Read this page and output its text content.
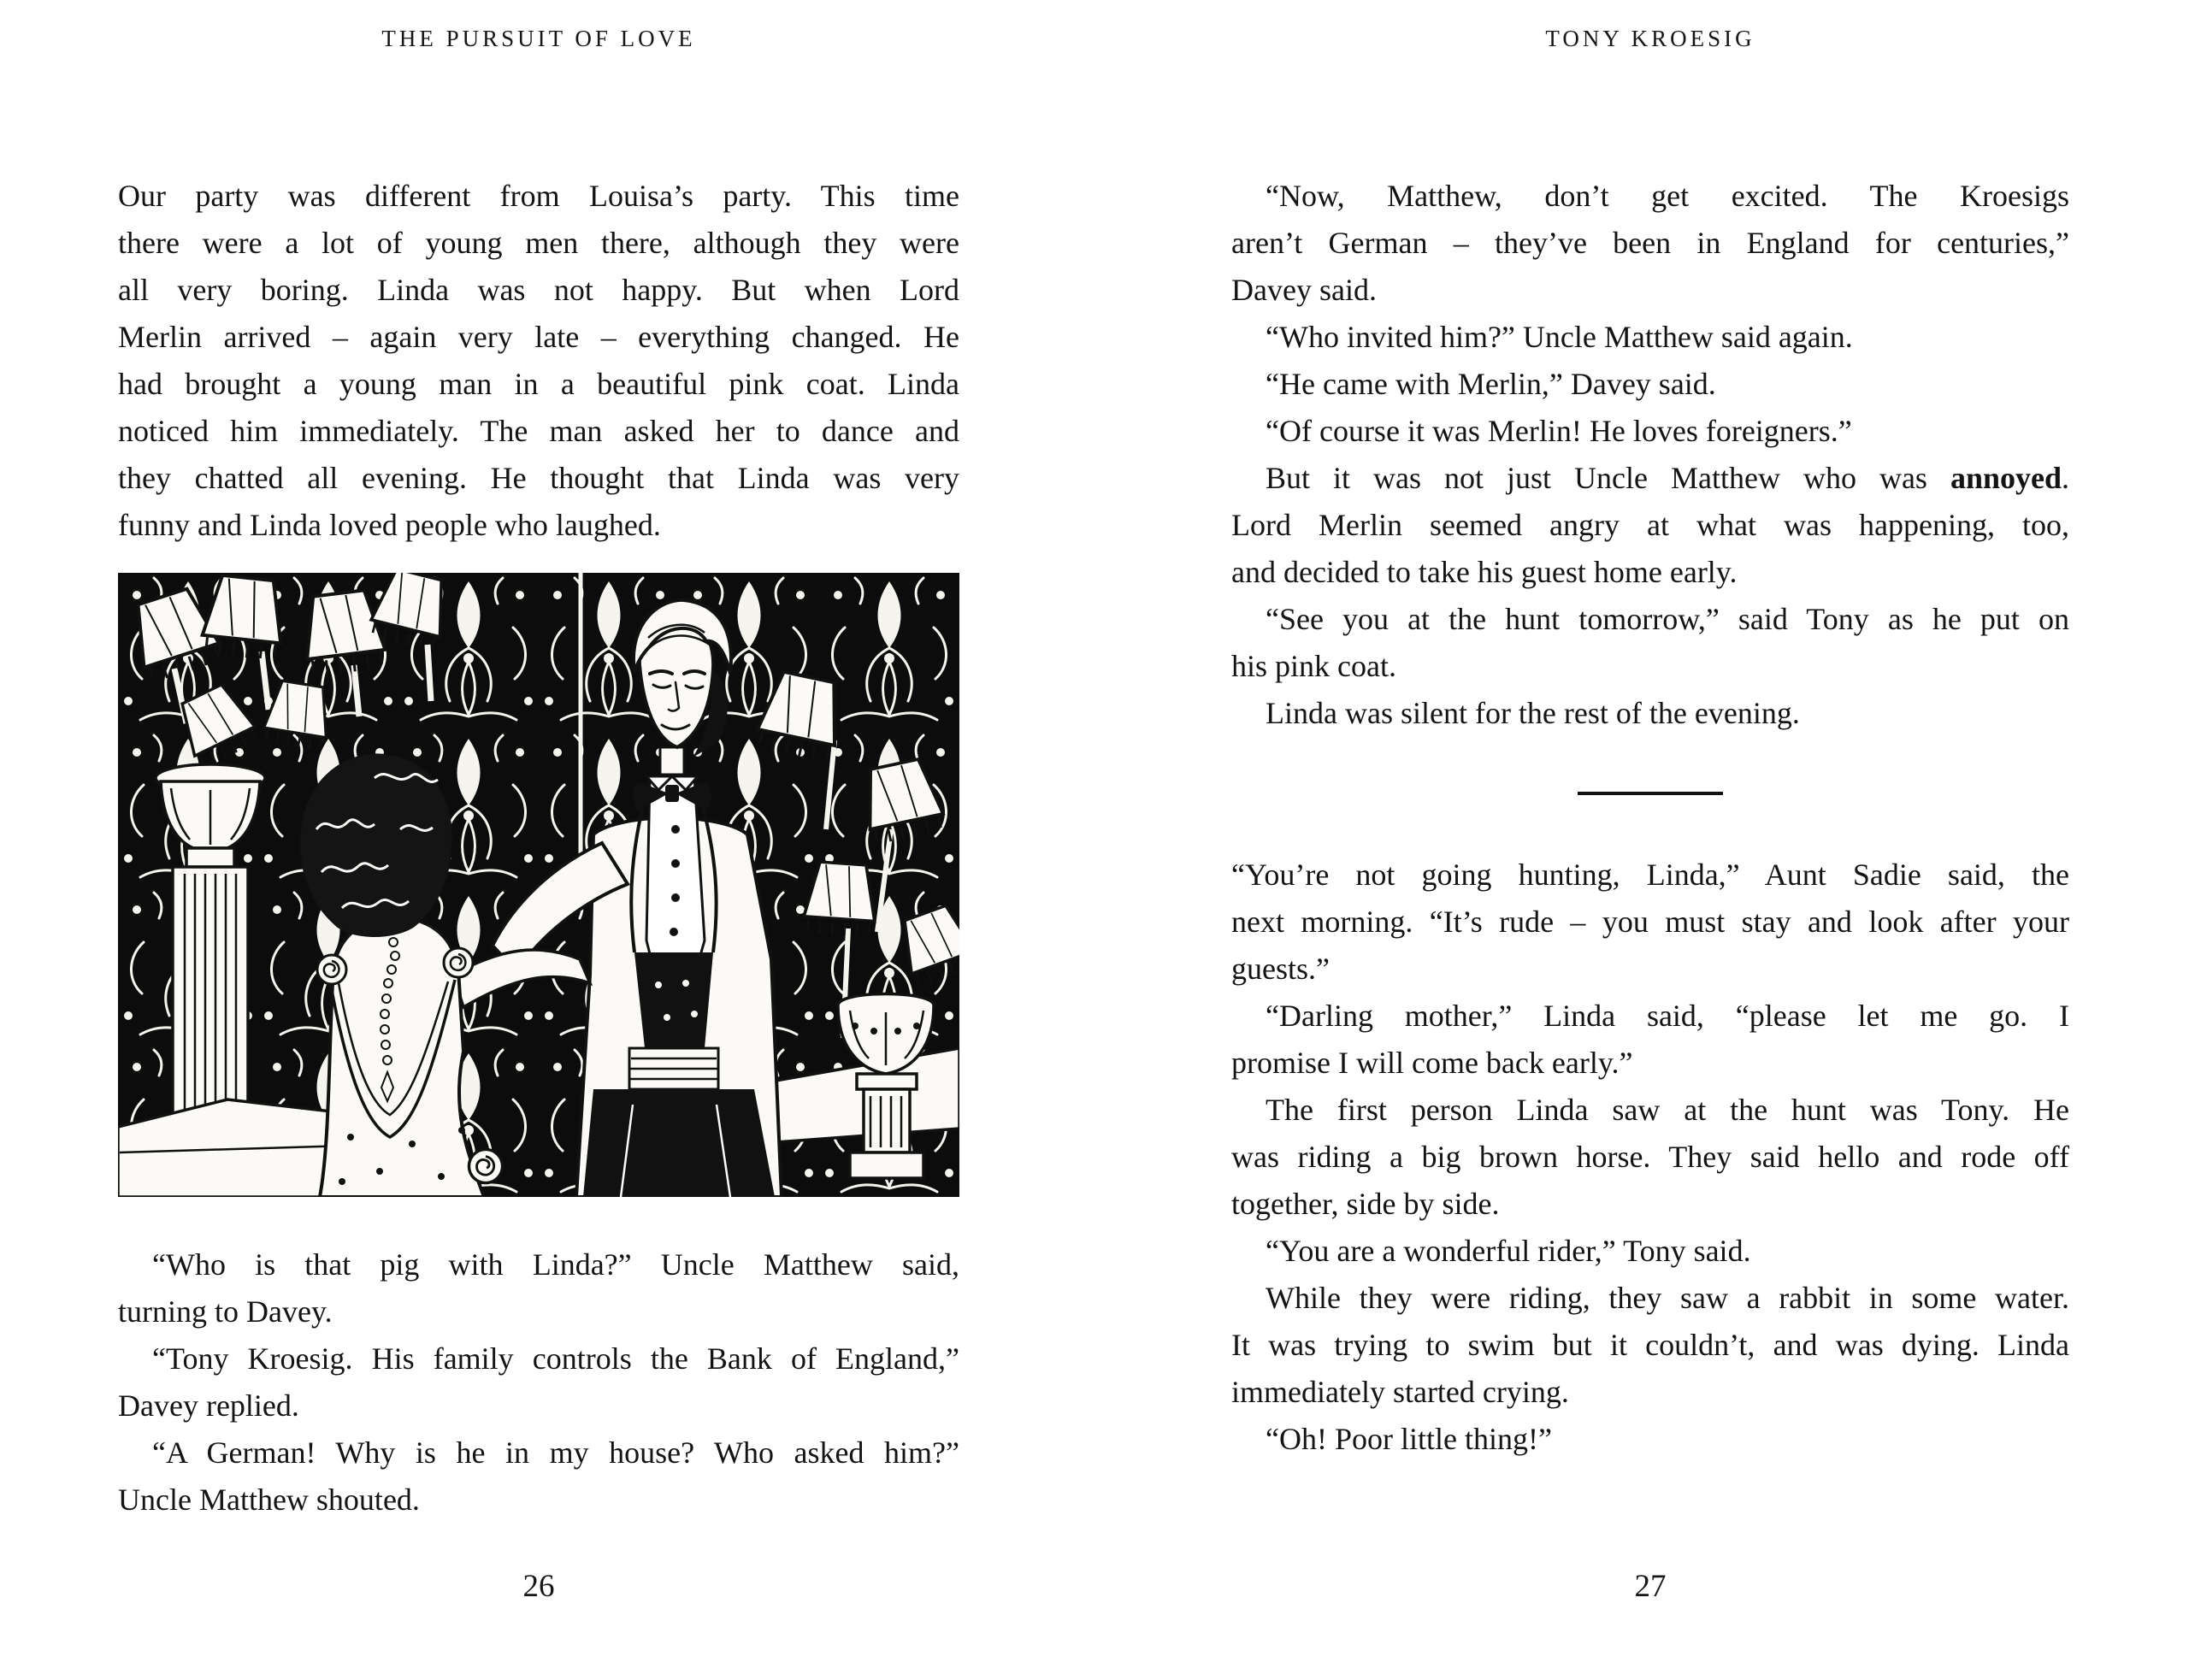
THE PURSUIT OF LOVE
Our party was different from Louisa’s party. This time
there were a lot of young men there, although they were
all very boring. Linda was not happy. But when Lord
Merlin arrived – again very late – everything changed. He
had brought a young man in a beautiful pink coat. Linda
noticed him immediately. The man asked her to dance and
they chatted all evening. He thought that Linda was very
funny and Linda loved people who laughed.
“Who is that pig with Linda?” Uncle Matthew said,
turning to Davey.
“Tony Kroesig. His family controls the Bank of England,”
Davey replied.
“A German! Why is he in my house? Who asked him?”
Uncle Matthew shouted.
26
TONY KROESIG
“Now, Matthew, don’t get excited. The Kroesigs
aren’t German – they’ve been in England for centuries,”
Davey said.
“Who invited him?” Uncle Matthew said again.
“He came with Merlin,” Davey said.
“Of course it was Merlin! He loves foreigners.”
But it was not just Uncle Matthew who was annoyed.
Lord Merlin seemed angry at what was happening, too,
and decided to take his guest home early.
“See you at the hunt tomorrow,” said Tony as he put on
his pink coat.
Linda was silent for the rest of the evening.
“You’re not going hunting, Linda,” Aunt Sadie said, the
next morning. “It’s rude – you must stay and look after your
guests.”
“Darling mother,” Linda said, “please let me go. I
promise I will come back early.”
The first person Linda saw at the hunt was Tony. He
was riding a big brown horse. They said hello and rode off
together, side by side.
“You are a wonderful rider,” Tony said.
While they were riding, they saw a rabbit in some water.
It was trying to swim but it couldn’t, and was dying. Linda
immediately started crying.
“Oh! Poor little thing!”
27
